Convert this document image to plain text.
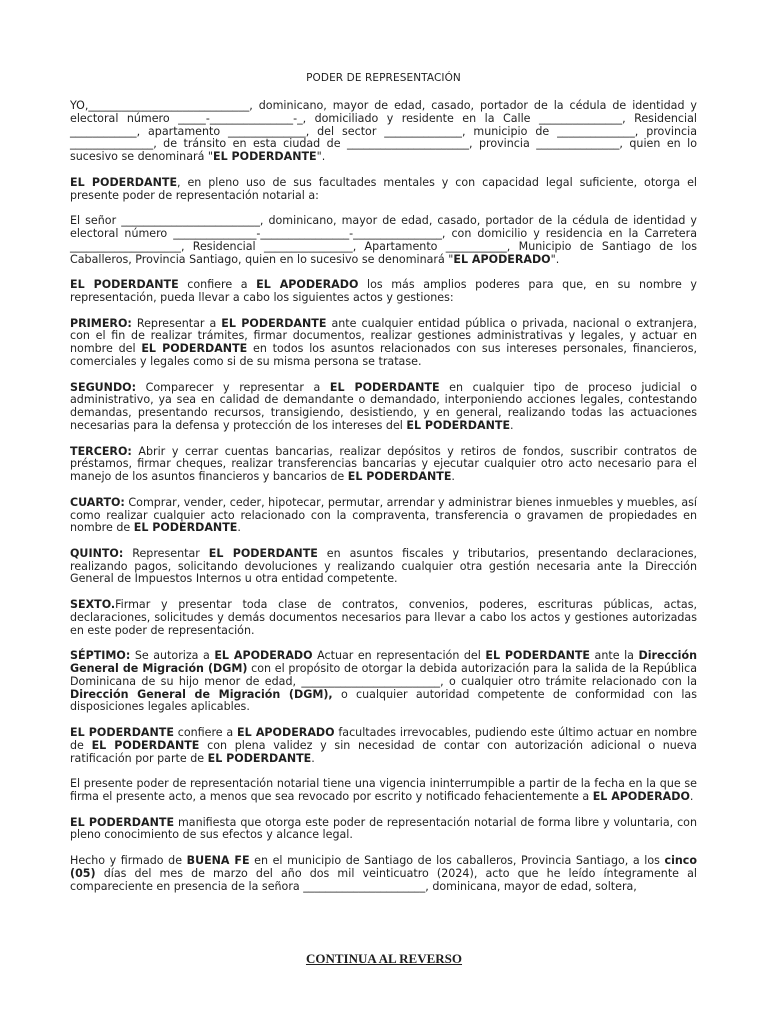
PODER DE REPRESENTACIÓN

YO,_____________________________, dominicano, mayor de edad, casado, portador de la cédula de identidad y electoral número _____-_______________-_, domiciliado y residente en la Calle _______________, Residencial ____________, apartamento ______________, del sector ______________, municipio de ______________, provincia _______________, de tránsito en esta ciudad de ______________________, provincia _______________, quien en lo sucesivo se denominará "EL PODERDANTE".

EL PODERDANTE, en pleno uso de sus facultades mentales y con capacidad legal suficiente, otorga el presente poder de representación notarial a:

El señor _________________________, dominicano, mayor de edad, casado, portador de la cédula de identidad y electoral número _______________-________________-________________, con domicilio y residencia en la Carretera ____________________, Residencial ________________, Apartamento ___________, Municipio de Santiago de los Caballeros, Provincia Santiago, quien en lo sucesivo se denominará "EL APODERADO".

EL PODERDANTE confiere a EL APODERADO los más amplios poderes para que, en su nombre y representación, pueda llevar a cabo los siguientes actos y gestiones:

PRIMERO: Representar a EL PODERDANTE ante cualquier entidad pública o privada, nacional o extranjera, con el fin de realizar trámites, firmar documentos, realizar gestiones administrativas y legales, y actuar en nombre del EL PODERDANTE en todos los asuntos relacionados con sus intereses personales, financieros, comerciales y legales como si de su misma persona se tratase.

SEGUNDO: Comparecer y representar a EL PODERDANTE en cualquier tipo de proceso judicial o administrativo, ya sea en calidad de demandante o demandado, interponiendo acciones legales, contestando demandas, presentando recursos, transigiendo, desistiendo, y en general, realizando todas las actuaciones necesarias para la defensa y protección de los intereses del EL PODERDANTE.

TERCERO: Abrir y cerrar cuentas bancarias, realizar depósitos y retiros de fondos, suscribir contratos de préstamos, firmar cheques, realizar transferencias bancarias y ejecutar cualquier otro acto necesario para el manejo de los asuntos financieros y bancarios de EL PODERDANTE.

CUARTO: Comprar, vender, ceder, hipotecar, permutar, arrendar y administrar bienes inmuebles y muebles, así como realizar cualquier acto relacionado con la compraventa, transferencia o gravamen de propiedades en nombre de EL PODERDANTE.

QUINTO: Representar EL PODERDANTE en asuntos fiscales y tributarios, presentando declaraciones, realizando pagos, solicitando devoluciones y realizando cualquier otra gestión necesaria ante la Dirección General de Impuestos Internos u otra entidad competente.

SEXTO.Firmar y presentar toda clase de contratos, convenios, poderes, escrituras públicas, actas, declaraciones, solicitudes y demás documentos necesarios para llevar a cabo los actos y gestiones autorizadas en este poder de representación.

SÉPTIMO: Se autoriza a EL APODERADO Actuar en representación del EL PODERDANTE ante la Dirección General de Migración (DGM) con el propósito de otorgar la debida autorización para la salida de la República Dominicana de su hijo menor de edad, _________________________, o cualquier otro trámite relacionado con la Dirección General de Migración (DGM), o cualquier autoridad competente de conformidad con las disposiciones legales aplicables.

EL PODERDANTE confiere a EL APODERADO facultades irrevocables, pudiendo este último actuar en nombre de EL PODERDANTE con plena validez y sin necesidad de contar con autorización adicional o nueva ratificación por parte de EL PODERDANTE.

El presente poder de representación notarial tiene una vigencia ininterrumpible a partir de la fecha en la que se firma el presente acto, a menos que sea revocado por escrito y notificado fehacientemente a EL APODERADO.

EL PODERDANTE manifiesta que otorga este poder de representación notarial de forma libre y voluntaria, con pleno conocimiento de sus efectos y alcance legal.

Hecho y firmado de BUENA FE en el municipio de Santiago de los caballeros, Provincia Santiago, a los cinco (05) días del mes de marzo del año dos mil veinticuatro (2024), acto que he leído íntegramente al compareciente en presencia de la señora ______________________, dominicana, mayor de edad, soltera,

CONTINUA AL REVERSO
